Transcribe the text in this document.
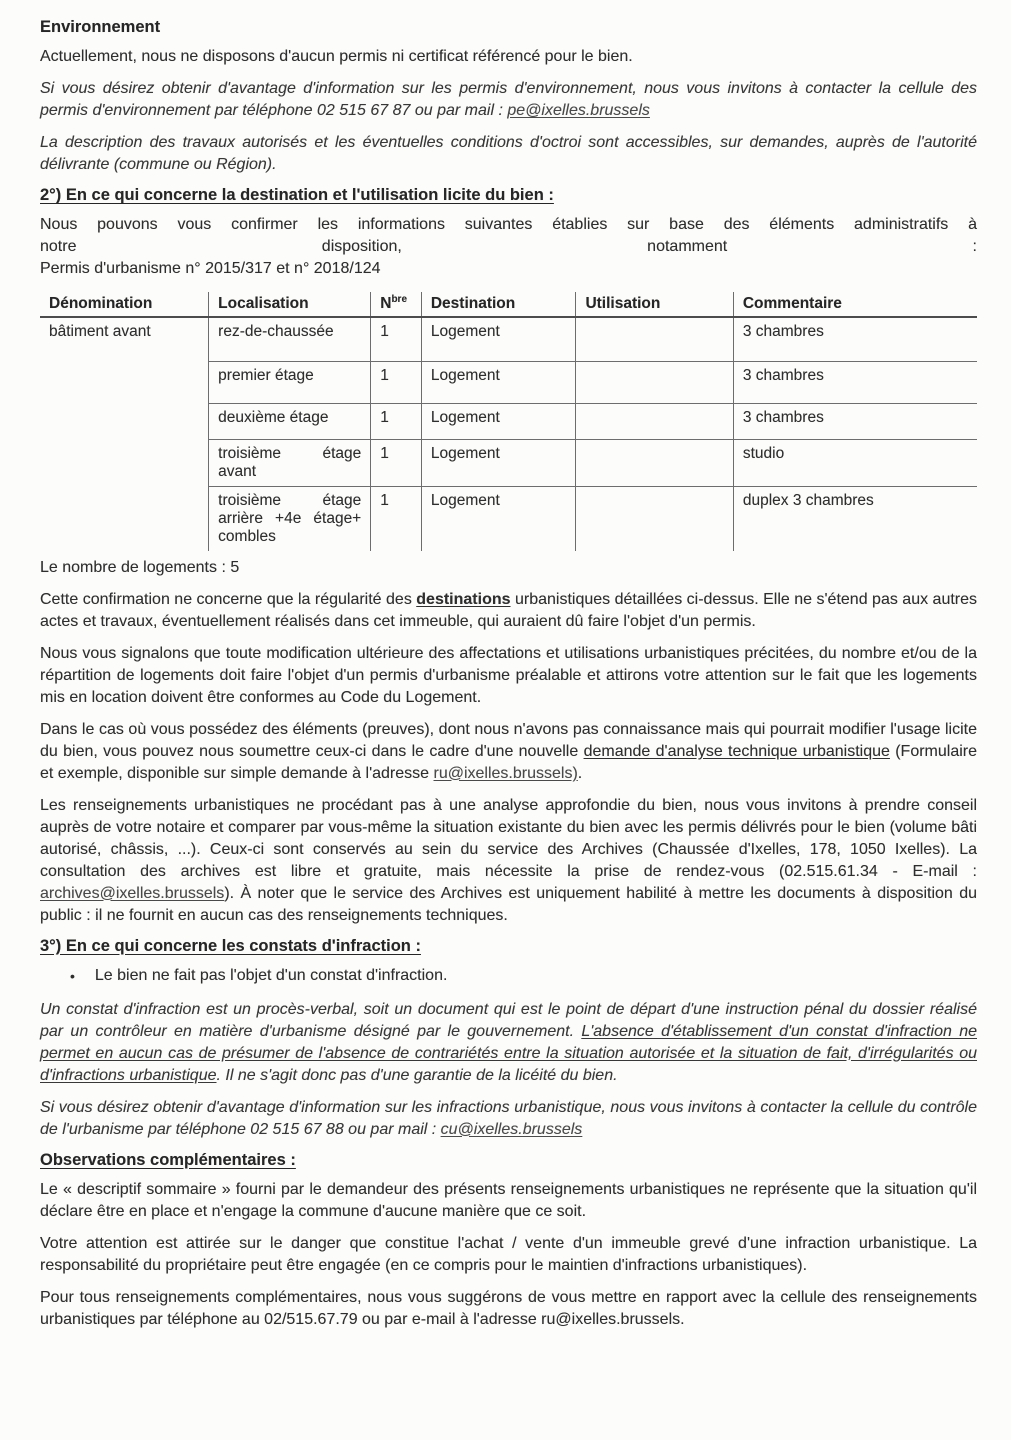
Environnement

Actuellement, nous ne disposons d'aucun permis ni certificat référencé pour le bien.

Si vous désirez obtenir d'avantage d'information sur les permis d'environnement, nous vous invitons à contacter la cellule des permis d'environnement par téléphone 02 515 67 87 ou par mail : pe@ixelles.brussels

La description des travaux autorisés et les éventuelles conditions d'octroi sont accessibles, sur demandes, auprès de l'autorité délivrante (commune ou Région).

2°) En ce qui concerne la destination et l'utilisation licite du bien :
Nous pouvons vous confirmer les informations suivantes établies sur base des éléments administratifs à
notre	disposition,	notamment	:
Permis d'urbanisme n° 2015/317 et n° 2018/124
Dénomination	Localisation	$N^{bre}$	Destination	Utilisation	Commentaire
bâtiment avant	rez-de-chaussée	1	Logement		3 chambres
	premier étage	1	Logement		3 chambres
	deuxième étage	1	Logement		3 chambres
	troisième étage avant	1	Logement		studio
	troisième étage arrière +4e étage+ combles	1	Logement		duplex 3 chambres

Le nombre de logements : 5

Cette confirmation ne concerne que la régularité des destinations urbanistiques détaillées ci-dessus. Elle ne s'étend pas aux autres actes et travaux, éventuellement réalisés dans cet immeuble, qui auraient dû faire l'objet d'un permis.

Nous vous signalons que toute modification ultérieure des affectations et utilisations urbanistiques précitées, du nombre et/ou de la répartition de logements doit faire l'objet d'un permis d'urbanisme préalable et attirons votre attention sur le fait que les logements mis en location doivent être conformes au Code du Logement.

Dans le cas où vous possédez des éléments (preuves), dont nous n'avons pas connaissance mais qui pourrait modifier l'usage licite du bien, vous pouvez nous soumettre ceux-ci dans le cadre d'une nouvelle demande d'analyse technique urbanistique (Formulaire et exemple, disponible sur simple demande à l'adresse ru@ixelles.brussels).

Les renseignements urbanistiques ne procédant pas à une analyse approfondie du bien, nous vous invitons à prendre conseil auprès de votre notaire et comparer par vous-même la situation existante du bien avec les permis délivrés pour le bien (volume bâti autorisé, châssis, ...). Ceux-ci sont conservés au sein du service des Archives (Chaussée d'Ixelles, 178, 1050 Ixelles). La consultation des archives est libre et gratuite, mais nécessite la prise de rendez-vous (02.515.61.34 - E-mail : archives@ixelles.brussels). À noter que le service des Archives est uniquement habilité à mettre les documents à disposition du public : il ne fournit en aucun cas des renseignements techniques.

3°) En ce qui concerne les constats d'infraction :
• Le bien ne fait pas l'objet d'un constat d'infraction.

Un constat d'infraction est un procès-verbal, soit un document qui est le point de départ d'une instruction pénal du dossier réalisé par un contrôleur en matière d'urbanisme désigné par le gouvernement. L'absence d'établissement d'un constat d'infraction ne permet en aucun cas de présumer de l'absence de contrariétés entre la situation autorisée et la situation de fait, d'irrégularités ou d'infractions urbanistique. Il ne s'agit donc pas d'une garantie de la licéité du bien.

Si vous désirez obtenir d'avantage d'information sur les infractions urbanistique, nous vous invitons à contacter la cellule du contrôle de l'urbanisme par téléphone 02 515 67 88 ou par mail : cu@ixelles.brussels

Observations complémentaires :

Le « descriptif sommaire » fourni par le demandeur des présents renseignements urbanistiques ne représente que la situation qu'il déclare être en place et n'engage la commune d'aucune manière que ce soit.

Votre attention est attirée sur le danger que constitue l'achat / vente d'un immeuble grevé d'une infraction urbanistique. La responsabilité du propriétaire peut être engagée (en ce compris pour le maintien d'infractions urbanistiques).

Pour tous renseignements complémentaires, nous vous suggérons de vous mettre en rapport avec la cellule des renseignements urbanistiques par téléphone au 02/515.67.79 ou par e-mail à l'adresse ru@ixelles.brussels.
